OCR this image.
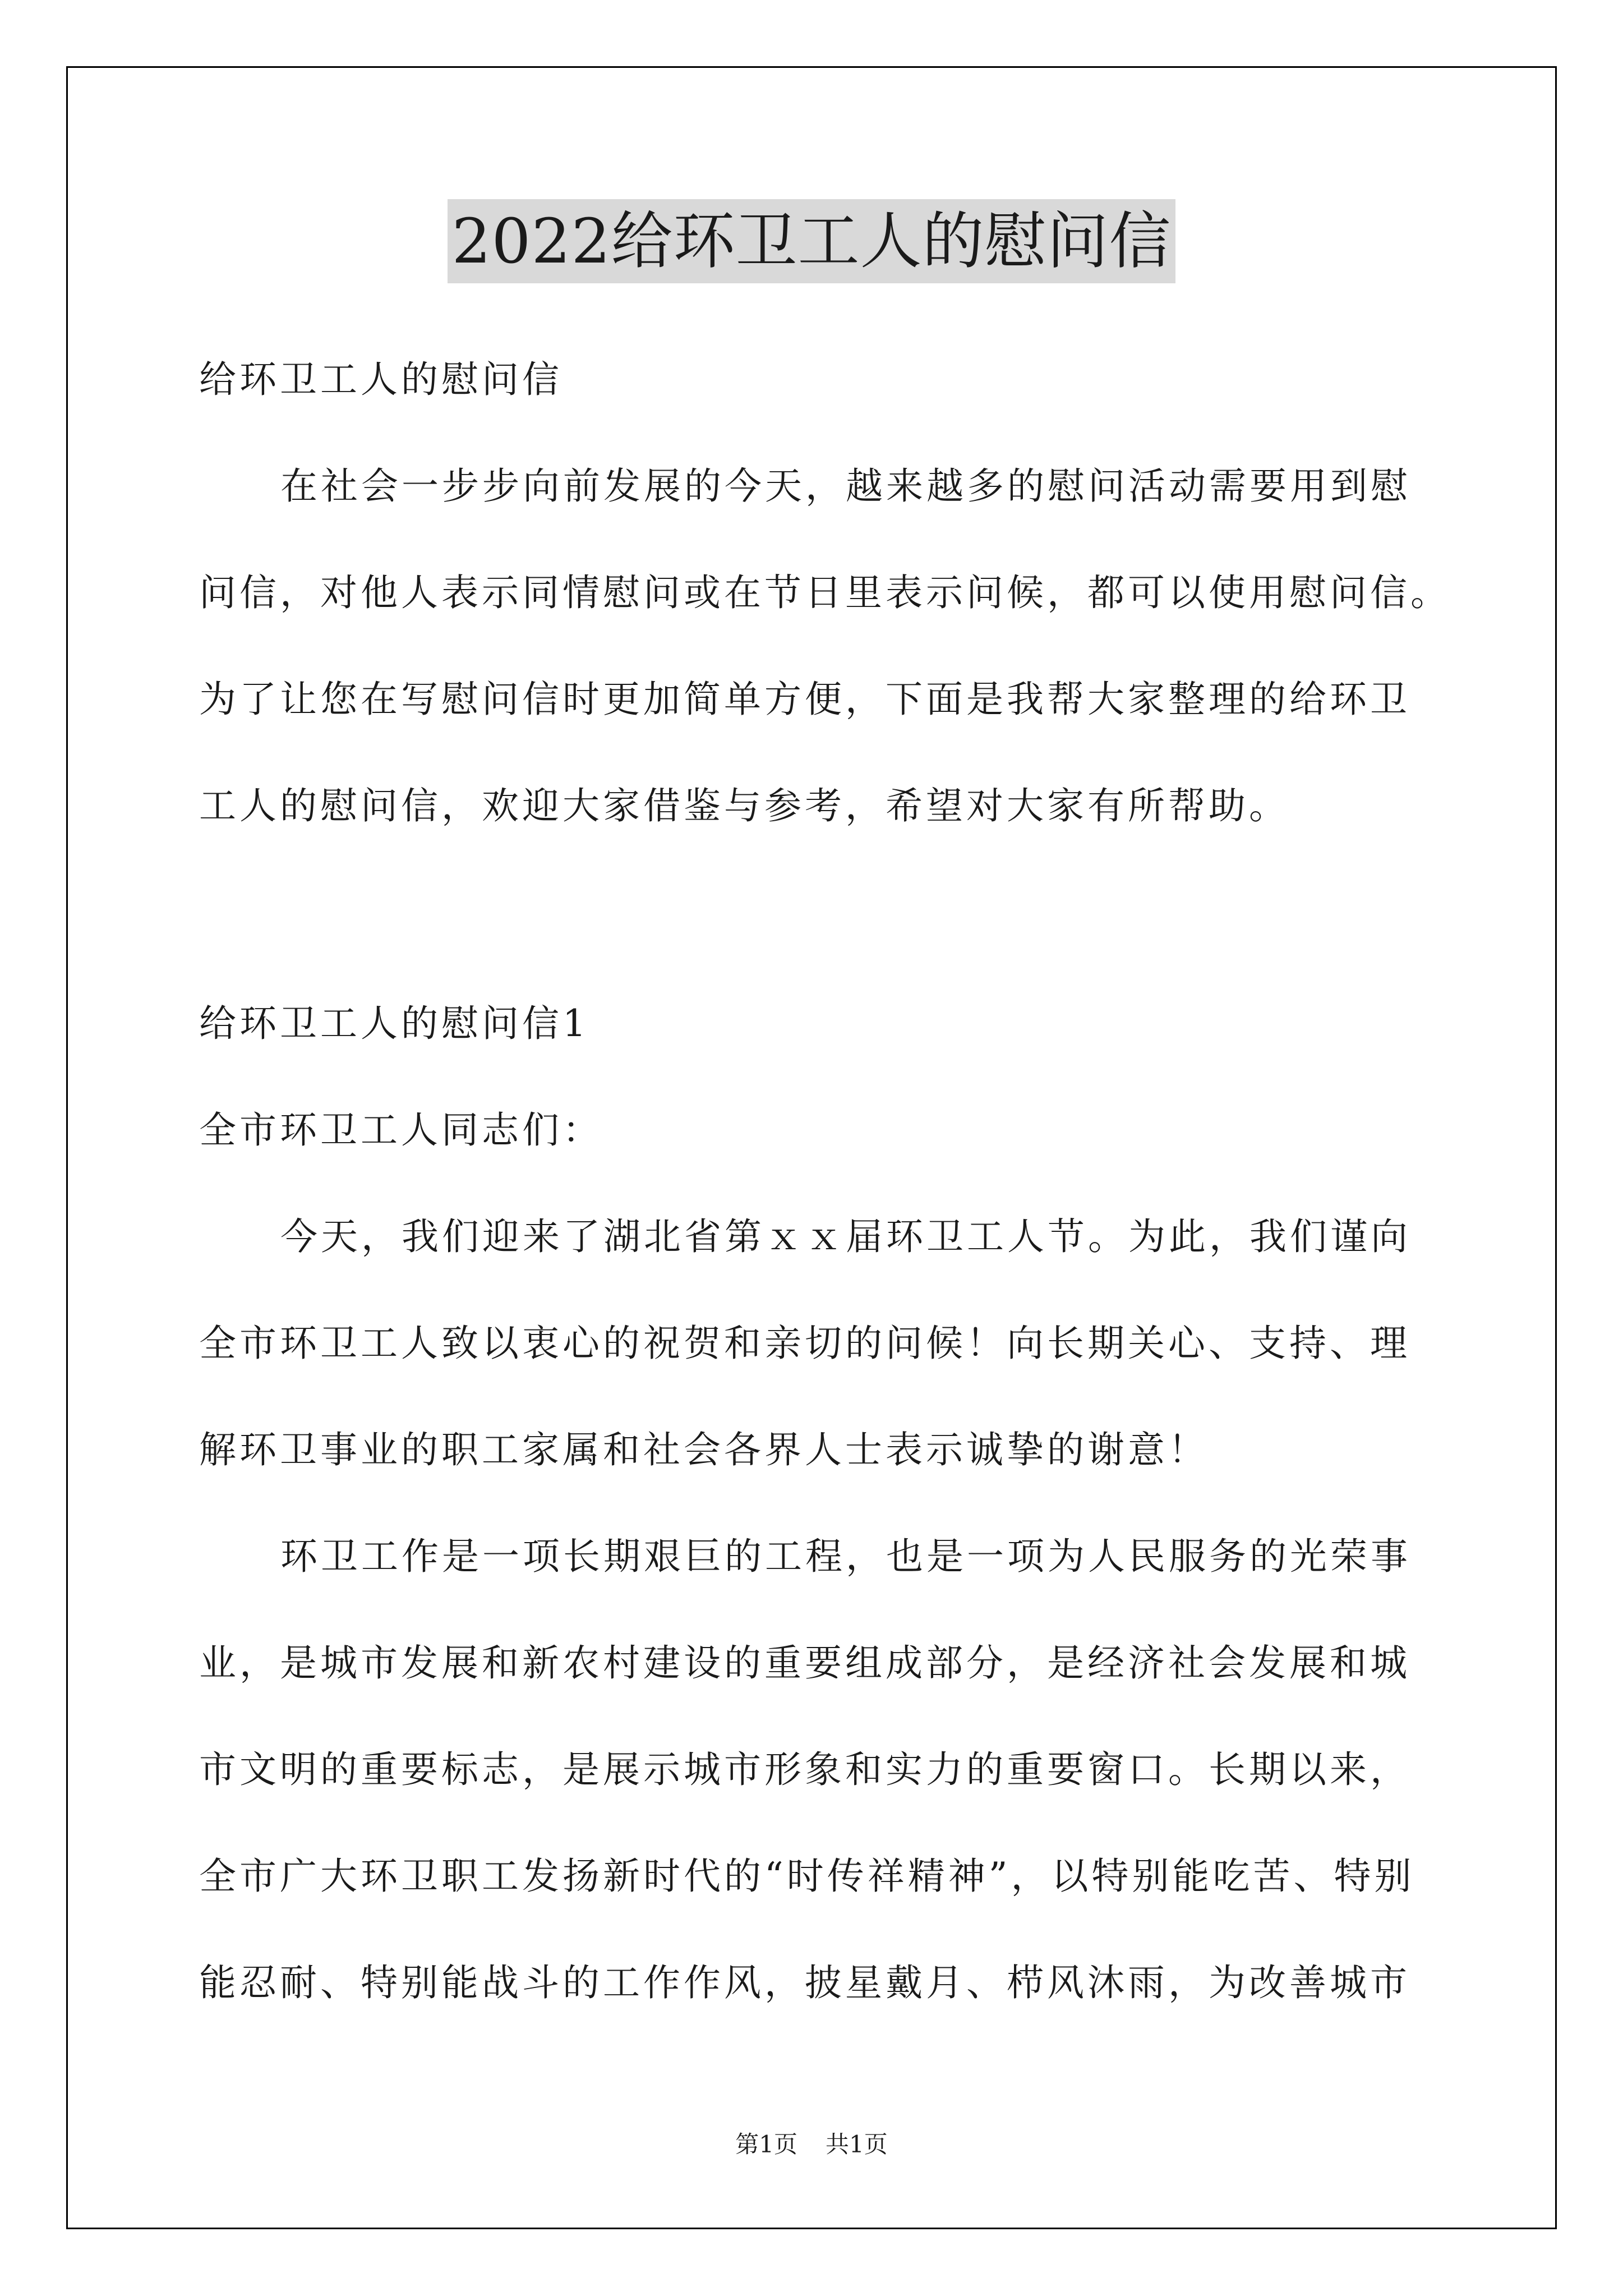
2022给环卫工人的慰问信
给环卫工人的慰问信
在社会一步步向前发展的今天，越来越多的慰问活动需要用到慰
问信，对他人表示同情慰问或在节日里表示问候，都可以使用慰问信。
为了让您在写慰问信时更加简单方便，下面是我帮大家整理的给环卫
工人的慰问信，欢迎大家借鉴与参考，希望对大家有所帮助。
给环卫工人的慰问信1
全市环卫工人同志们：
今天，我们迎来了湖北省第ｘｘ届环卫工人节。为此，我们谨向
全市环卫工人致以衷心的祝贺和亲切的问候！向长期关心、支持、理
解环卫事业的职工家属和社会各界人士表示诚挚的谢意！
环卫工作是一项长期艰巨的工程，也是一项为人民服务的光荣事
业，是城市发展和新农村建设的重要组成部分，是经济社会发展和城
市文明的重要标志，是展示城市形象和实力的重要窗口。长期以来，
全市广大环卫职工发扬新时代的“时传祥精神”，以特别能吃苦、特别
能忍耐、特别能战斗的工作作风，披星戴月、栉风沐雨，为改善城市
第1页 共1页
